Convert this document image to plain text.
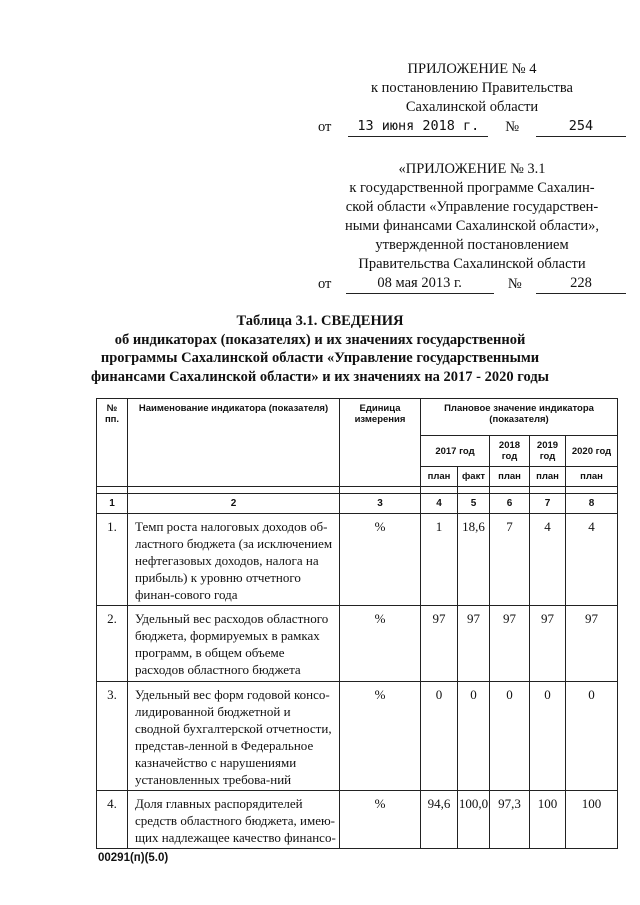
ПРИЛОЖЕНИЕ № 4
к постановлению Правительства
Сахалинской области
от	13 июня 2018 г.	№	254
«ПРИЛОЖЕНИЕ № 3.1
к государственной программе Сахалин-
ской области «Управление государствен-
ными финансами Сахалинской области»,
утвержденной постановлением
Правительства Сахалинской области
от	08 мая 2013 г.	№	228
Таблица 3.1. СВЕДЕНИЯ
об индикаторах (показателях) и их значениях государственной
программы Сахалинской области «Управление государственными
финансами Сахалинской области» и их значениях на 2017 - 2020 годы
№ пп.	Наименование индикатора (показателя)	Единица измерения	Плановое значение индикатора (показателя)				
			2017 год		2018 год	2019 год	2020 год
			план	факт	план	план	план

1	2	3	4	5	6	7	8
1.	Темп роста налоговых доходов об-ластного бюджета (за исключением нефтегазовых доходов, налога на прибыль) к уровню отчетного финан-сового года	%	1	18,6	7	4	4
2.	Удельный вес расходов областного бюджета, формируемых в рамках программ, в общем объеме расходов областного бюджета	%	97	97	97	97	97
3.	Удельный вес форм годовой консо-лидированной бюджетной и сводной бухгалтерской отчетности, представ-ленной в Федеральное казначейство с нарушениями установленных требова-ний	%	0	0	0	0	0
4.	Доля главных распорядителей средств областного бюджета, имею-щих надлежащее качество финансо-	%	94,6	100,0	97,3	100	100
00291(п)(5.0)
